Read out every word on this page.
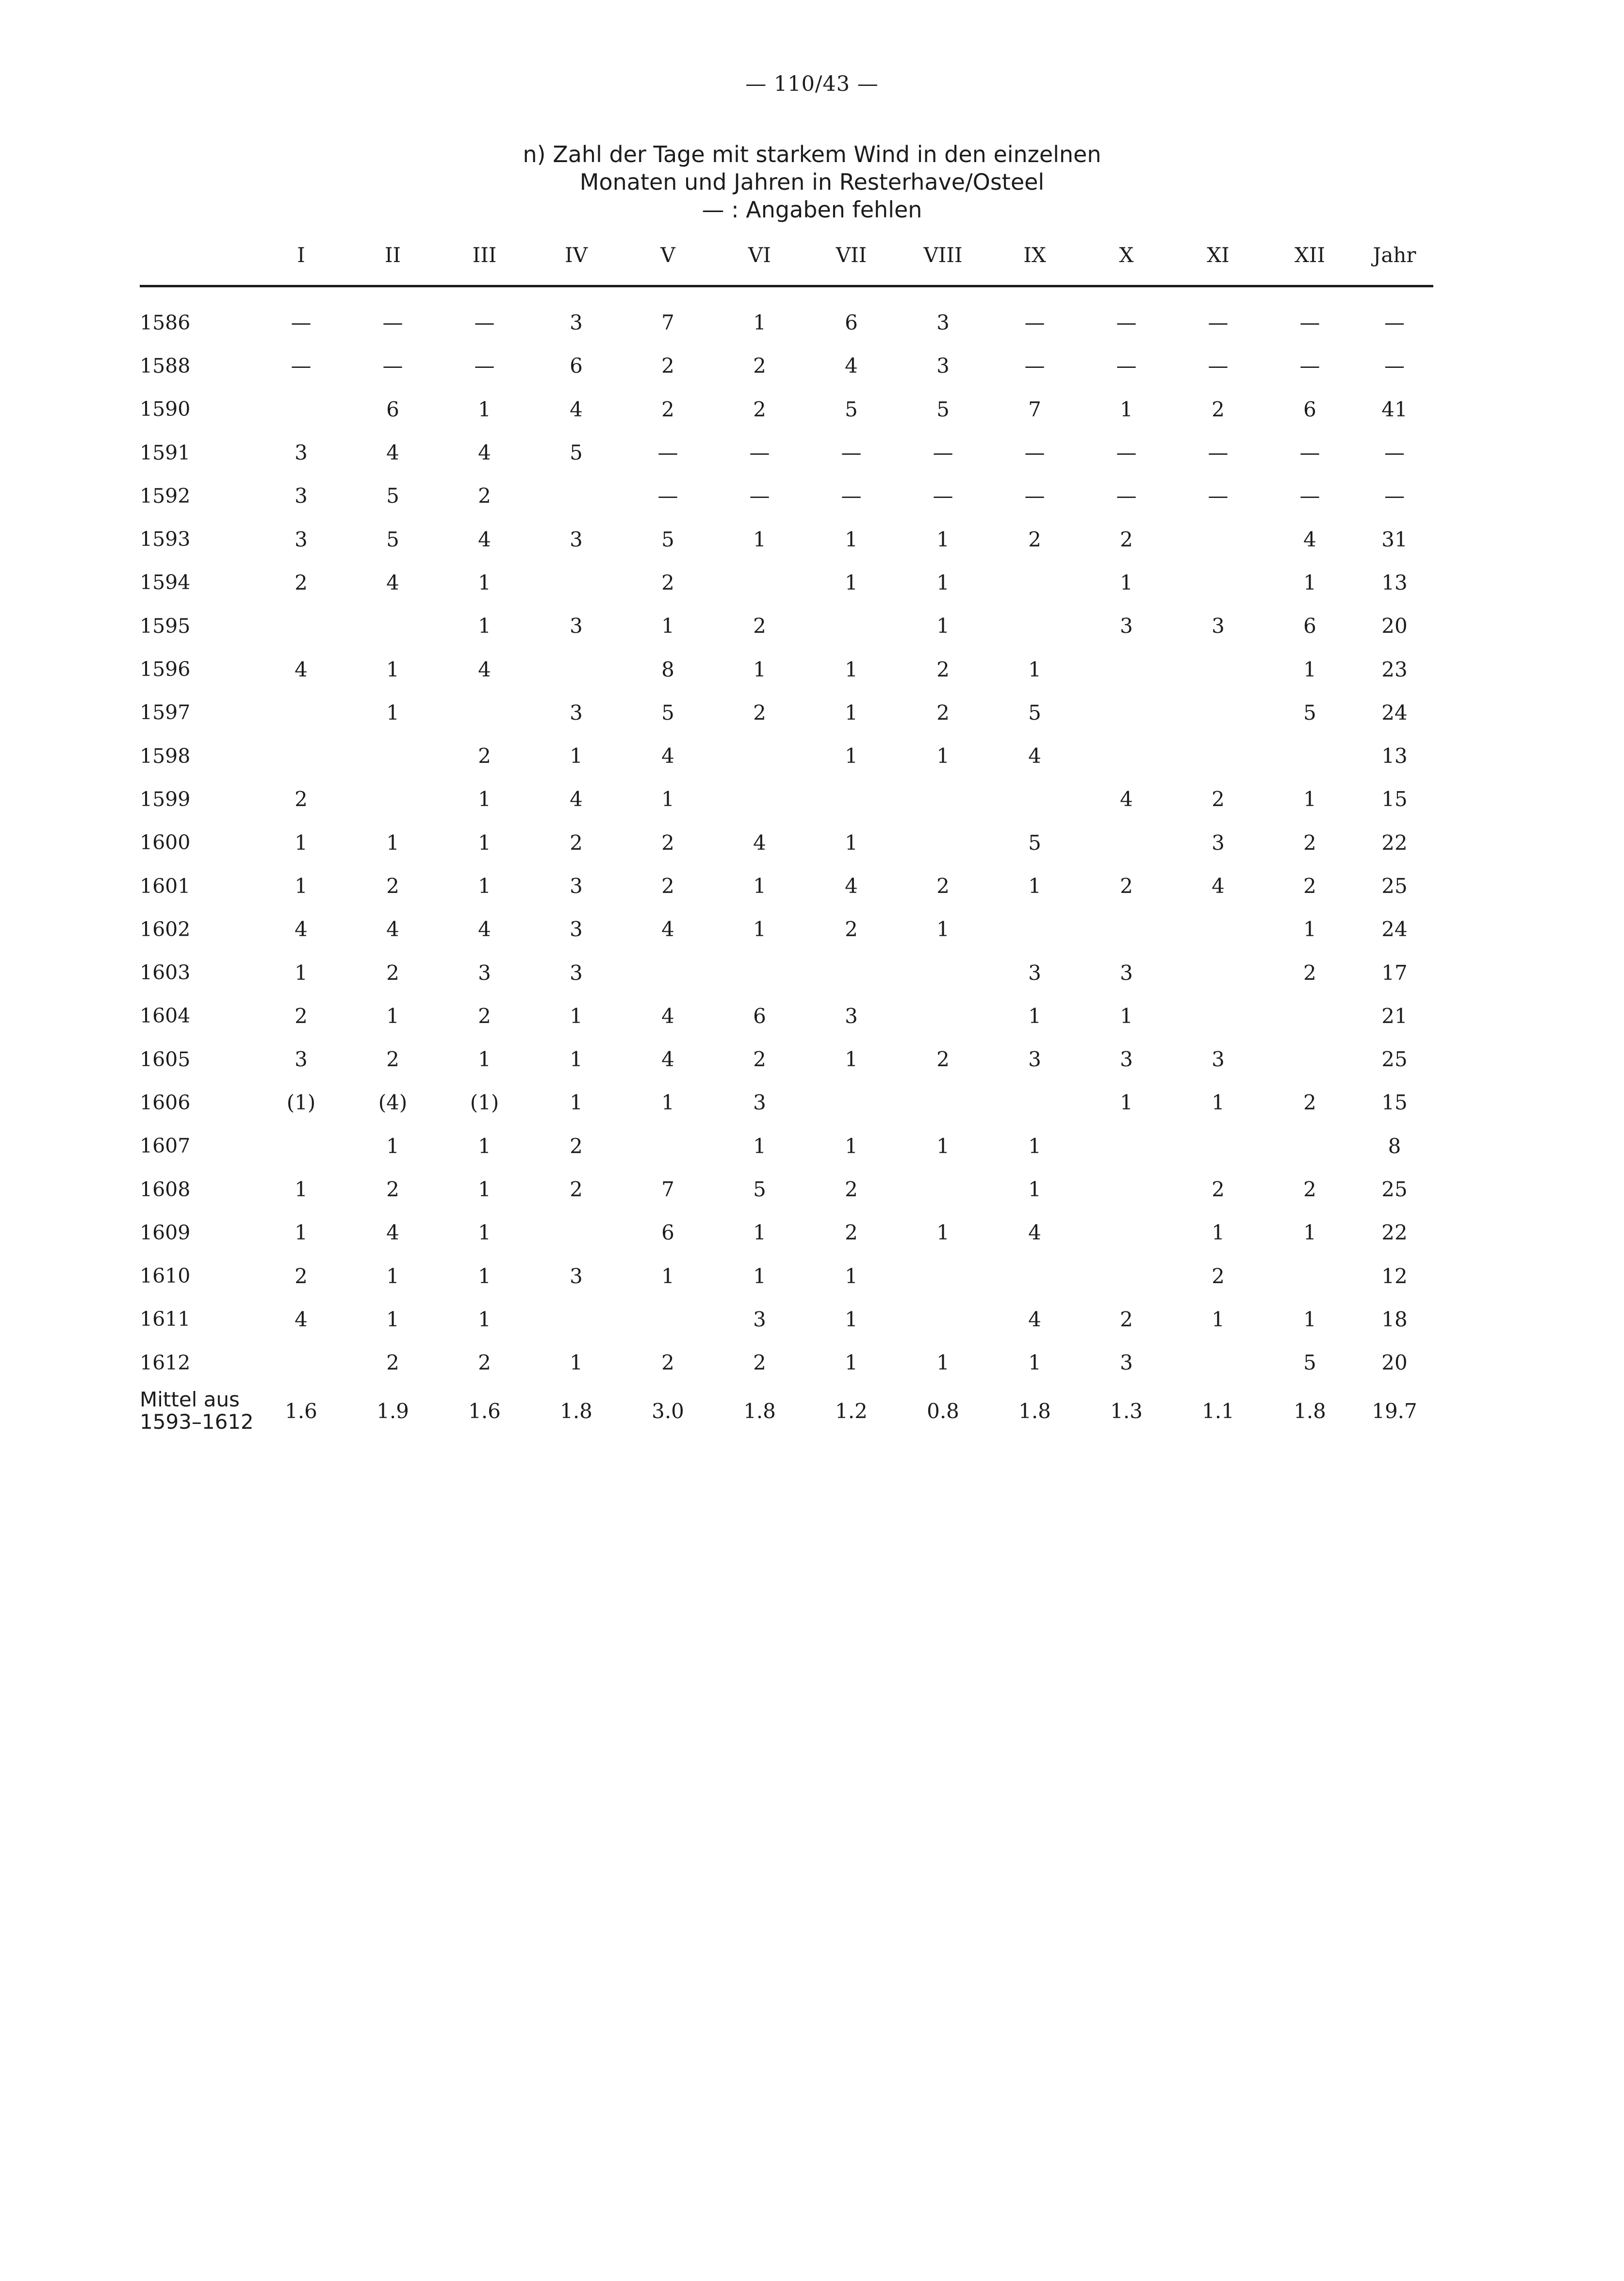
— 110/43 —
n) Zahl der Tage mit starkem Wind in den einzelnen
Monaten und Jahren in Resterhave/Osteel
— : Angaben fehlen
	I	II	III	IV	V	VI	VII	VIII	IX	X	XI	XII	Jahr

1586	—	—	—	3	7	1	6	3	—	—	—	—	—
1588	—	—	—	6	2	2	4	3	—	—	—	—	—
1590		6	1	4	2	2	5	5	7	1	2	6	41
1591	3	4	4	5	—	—	—	—	—	—	—	—	—
1592	3	5	2		—	—	—	—	—	—	—	—	—
1593	3	5	4	3	5	1	1	1	2	2		4	31
1594	2	4	1		2		1	1		1		1	13
1595			1	3	1	2		1		3	3	6	20
1596	4	1	4		8	1	1	2	1			1	23
1597		1		3	5	2	1	2	5			5	24
1598			2	1	4		1	1	4				13
1599	2		1	4	1					4	2	1	15
1600	1	1	1	2	2	4	1		5		3	2	22
1601	1	2	1	3	2	1	4	2	1	2	4	2	25
1602	4	4	4	3	4	1	2	1				1	24
1603	1	2	3	3					3	3		2	17
1604	2	1	2	1	4	6	3		1	1			21
1605	3	2	1	1	4	2	1	2	3	3	3		25
1606	(1)	(4)	(1)	1	1	3				1	1	2	15
1607		1	1	2		1	1	1	1				8
1608	1	2	1	2	7	5	2		1		2	2	25
1609	1	4	1		6	1	2	1	4		1	1	22
1610	2	1	1	3	1	1	1				2		12
1611	4	1	1			3	1		4	2	1	1	18
1612		2	2	1	2	2	1	1	1	3		5	20

Mittel aus
1593–1612	1.6	1.9	1.6	1.8	3.0	1.8	1.2	0.8	1.8	1.3	1.1	1.8	19.7
